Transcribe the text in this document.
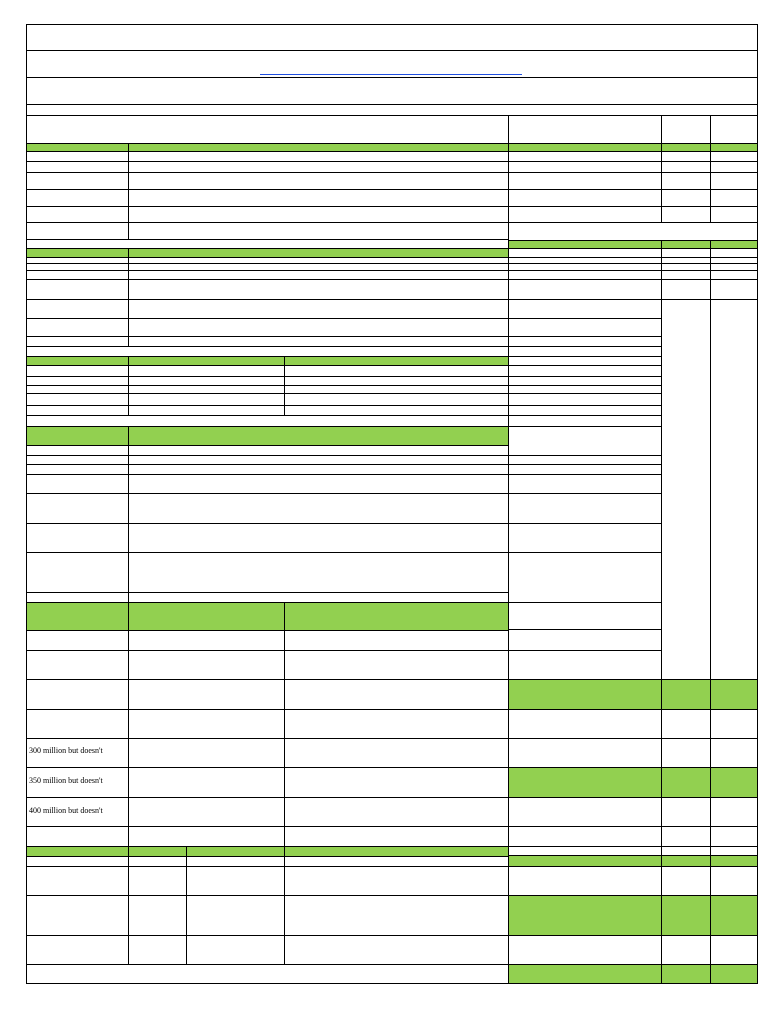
300 million but doesn't
350 million but doesn't
400 million but doesn't
